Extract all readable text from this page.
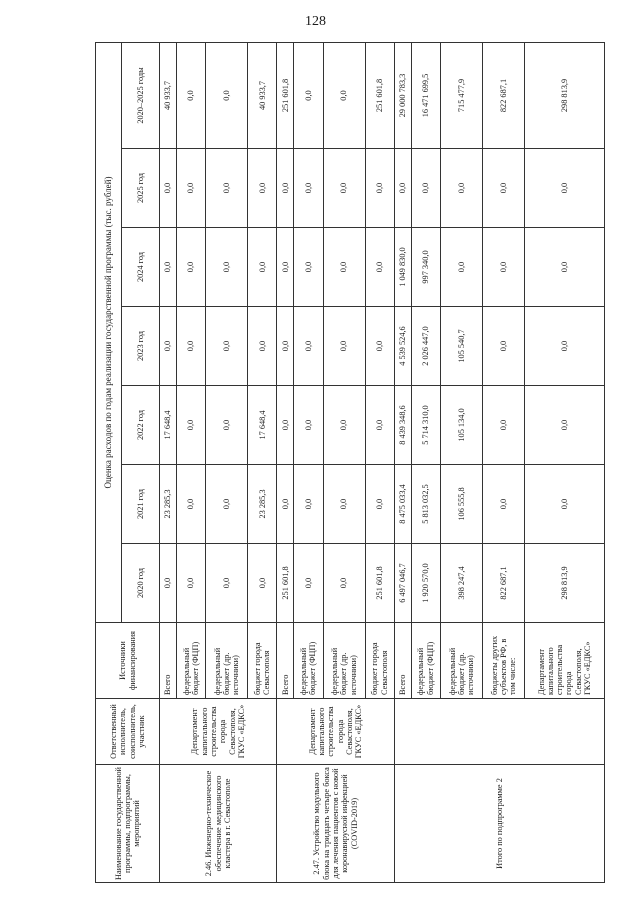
128
Наименование государственной программы, подпрограммы, мероприятий	Ответственный исполнитель, соисполнитель, участник	Источники финансирования	Оценка расходов по годам реализации государственной программы (тыс. рублей)						
			2020 год	2021 год	2022 год	2023 год	2024 год	2025 год	2020–2025 годы
2.46. Инженерно-техническое обеспечение медицинского кластера в г. Севастополе	Департамент капитального строительства города Севастополя, ГКУС «ЕДКС»	Всего	0,0	23 285,3	17 648,4	0,0	0,0	0,0	40 933,7
		федеральный бюджет (ФЦП)	0,0	0,0	0,0	0,0	0,0	0,0	0,0
		федеральный бюджет (др. источники)	0,0	0,0	0,0	0,0	0,0	0,0	0,0
		бюджет города Севастополя	0,0	23 285,3	17 648,4	0,0	0,0	0,0	40 933,7
2.47. Устройство модульного блока на тридцать четыре бокса для лечения пациентов с новой коронавирусной инфекцией (COVID-2019)	Департамент капитального строительства города Севастополя, ГКУС «ЕДКС»	Всего	251 601,8	0,0	0,0	0,0	0,0	0,0	251 601,8
		федеральный бюджет (ФЦП)	0,0	0,0	0,0	0,0	0,0	0,0	0,0
		федеральный бюджет (др. источники)	0,0	0,0	0,0	0,0	0,0	0,0	0,0
		бюджет города Севастополя	251 601,8	0,0	0,0	0,0	0,0	0,0	251 601,8
Итого по подпрограмме 2		Всего	6 497 046,7	8 475 033,4	8 439 348,6	4 539 524,6	1 049 830,0	0,0	29 000 783,3
		федеральный бюджет (ФЦП)	1 920 570,0	5 813 032,5	5 714 310,0	2 026 447,0	997 340,0	0,0	16 471 699,5
		федеральный бюджет (др. источники)	398 247,4	106 555,8	105 134,0	105 540,7	0,0	0,0	715 477,9
		бюджеты других субъектов РФ, в том числе:	822 687,1	0,0	0,0	0,0	0,0	0,0	822 687,1
		Департамент капитального строительства города Севастополя, ГКУС «ЕДКС»	298 813,9	0,0	0,0	0,0	0,0	0,0	298 813,9
